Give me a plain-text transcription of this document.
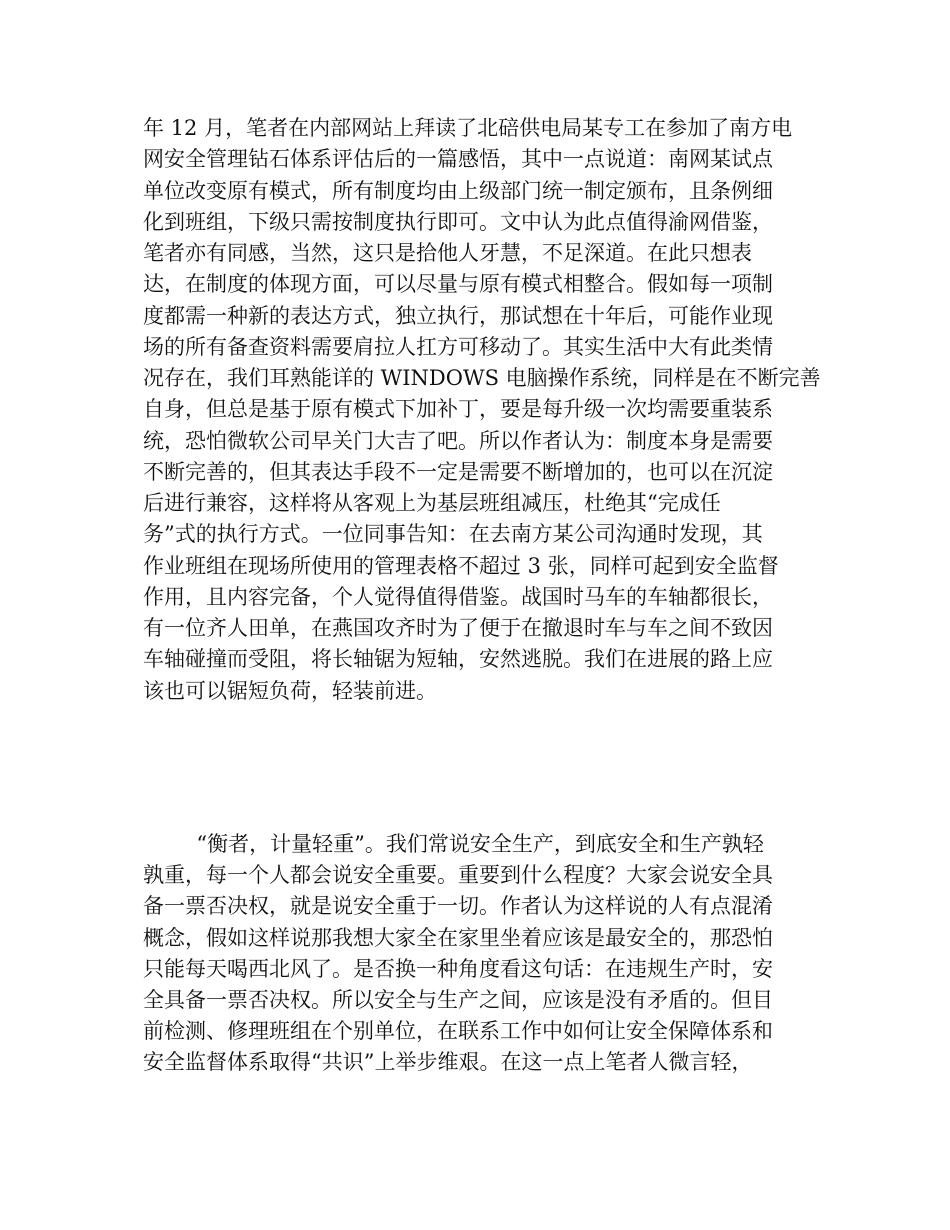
年 12 月，笔者在内部网站上拜读了北碚供电局某专工在参加了南方电
网安全管理钻石体系评估后的一篇感悟，其中一点说道：南网某试点
单位改变原有模式，所有制度均由上级部门统一制定颁布，且条例细
化到班组，下级只需按制度执行即可。文中认为此点值得渝网借鉴，
笔者亦有同感，当然，这只是拾他人牙慧，不足深道。在此只想表
达，在制度的体现方面，可以尽量与原有模式相整合。假如每一项制
度都需一种新的表达方式，独立执行，那试想在十年后，可能作业现
场的所有备查资料需要肩拉人扛方可移动了。其实生活中大有此类情
况存在，我们耳熟能详的 WINDOWS 电脑操作系统，同样是在不断完善
自身，但总是基于原有模式下加补丁，要是每升级一次均需要重装系
统，恐怕微软公司早关门大吉了吧。所以作者认为：制度本身是需要
不断完善的，但其表达手段不一定是需要不断增加的，也可以在沉淀
后进行兼容，这样将从客观上为基层班组减压，杜绝其“完成任
务”式的执行方式。一位同事告知：在去南方某公司沟通时发现，其
作业班组在现场所使用的管理表格不超过 3 张，同样可起到安全监督
作用，且内容完备，个人觉得值得借鉴。战国时马车的车轴都很长，
有一位齐人田单，在燕国攻齐时为了便于在撤退时车与车之间不致因
车轴碰撞而受阻，将长轴锯为短轴，安然逃脱。我们在进展的路上应
该也可以锯短负荷，轻装前进。
“衡者，计量轻重”。我们常说安全生产，到底安全和生产孰轻
孰重，每一个人都会说安全重要。重要到什么程度？大家会说安全具
备一票否决权，就是说安全重于一切。作者认为这样说的人有点混淆
概念，假如这样说那我想大家全在家里坐着应该是最安全的，那恐怕
只能每天喝西北风了。是否换一种角度看这句话：在违规生产时，安
全具备一票否决权。所以安全与生产之间，应该是没有矛盾的。但目
前检测、修理班组在个别单位，在联系工作中如何让安全保障体系和
安全监督体系取得“共识”上举步维艰。在这一点上笔者人微言轻，
